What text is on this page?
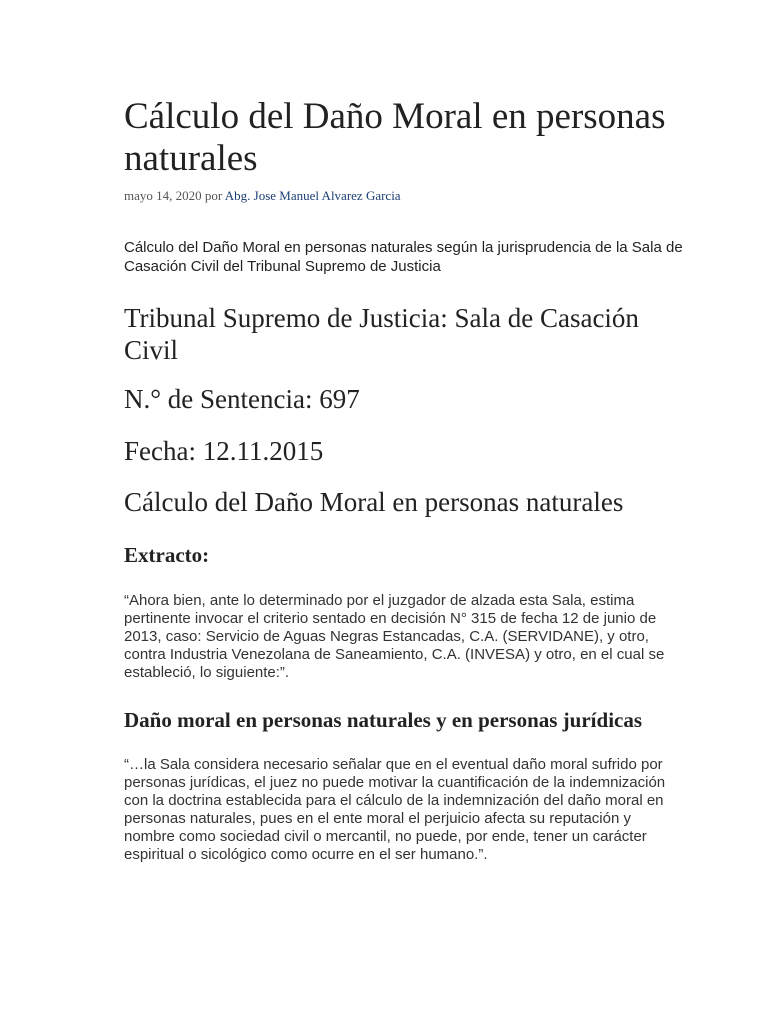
Cálculo del Daño Moral en personas naturales
mayo 14, 2020 por Abg. Jose Manuel Alvarez Garcia

Cálculo del Daño Moral en personas naturales según la jurisprudencia de la Sala de Casación Civil del Tribunal Supremo de Justicia

Tribunal Supremo de Justicia: Sala de Casación Civil
N.° de Sentencia: 697
Fecha: 12.11.2015
Cálculo del Daño Moral en personas naturales
Extracto:

“Ahora bien, ante lo determinado por el juzgador de alzada esta Sala, estima pertinente invocar el criterio sentado en decisión N° 315 de fecha 12 de junio de 2013, caso: Servicio de Aguas Negras Estancadas, C.A. (SERVIDANE), y otro, contra Industria Venezolana de Saneamiento, C.A. (INVESA) y otro, en el cual se estableció, lo siguiente:”.

Daño moral en personas naturales y en personas jurídicas

“…la Sala considera necesario señalar que en el eventual daño moral sufrido por personas jurídicas, el juez no puede motivar la cuantificación de la indemnización con la doctrina establecida para el cálculo de la indemnización del daño moral en personas naturales, pues en el ente moral el perjuicio afecta su reputación y nombre como sociedad civil o mercantil, no puede, por ende, tener un carácter espiritual o sicológico como ocurre en el ser humano.”.
